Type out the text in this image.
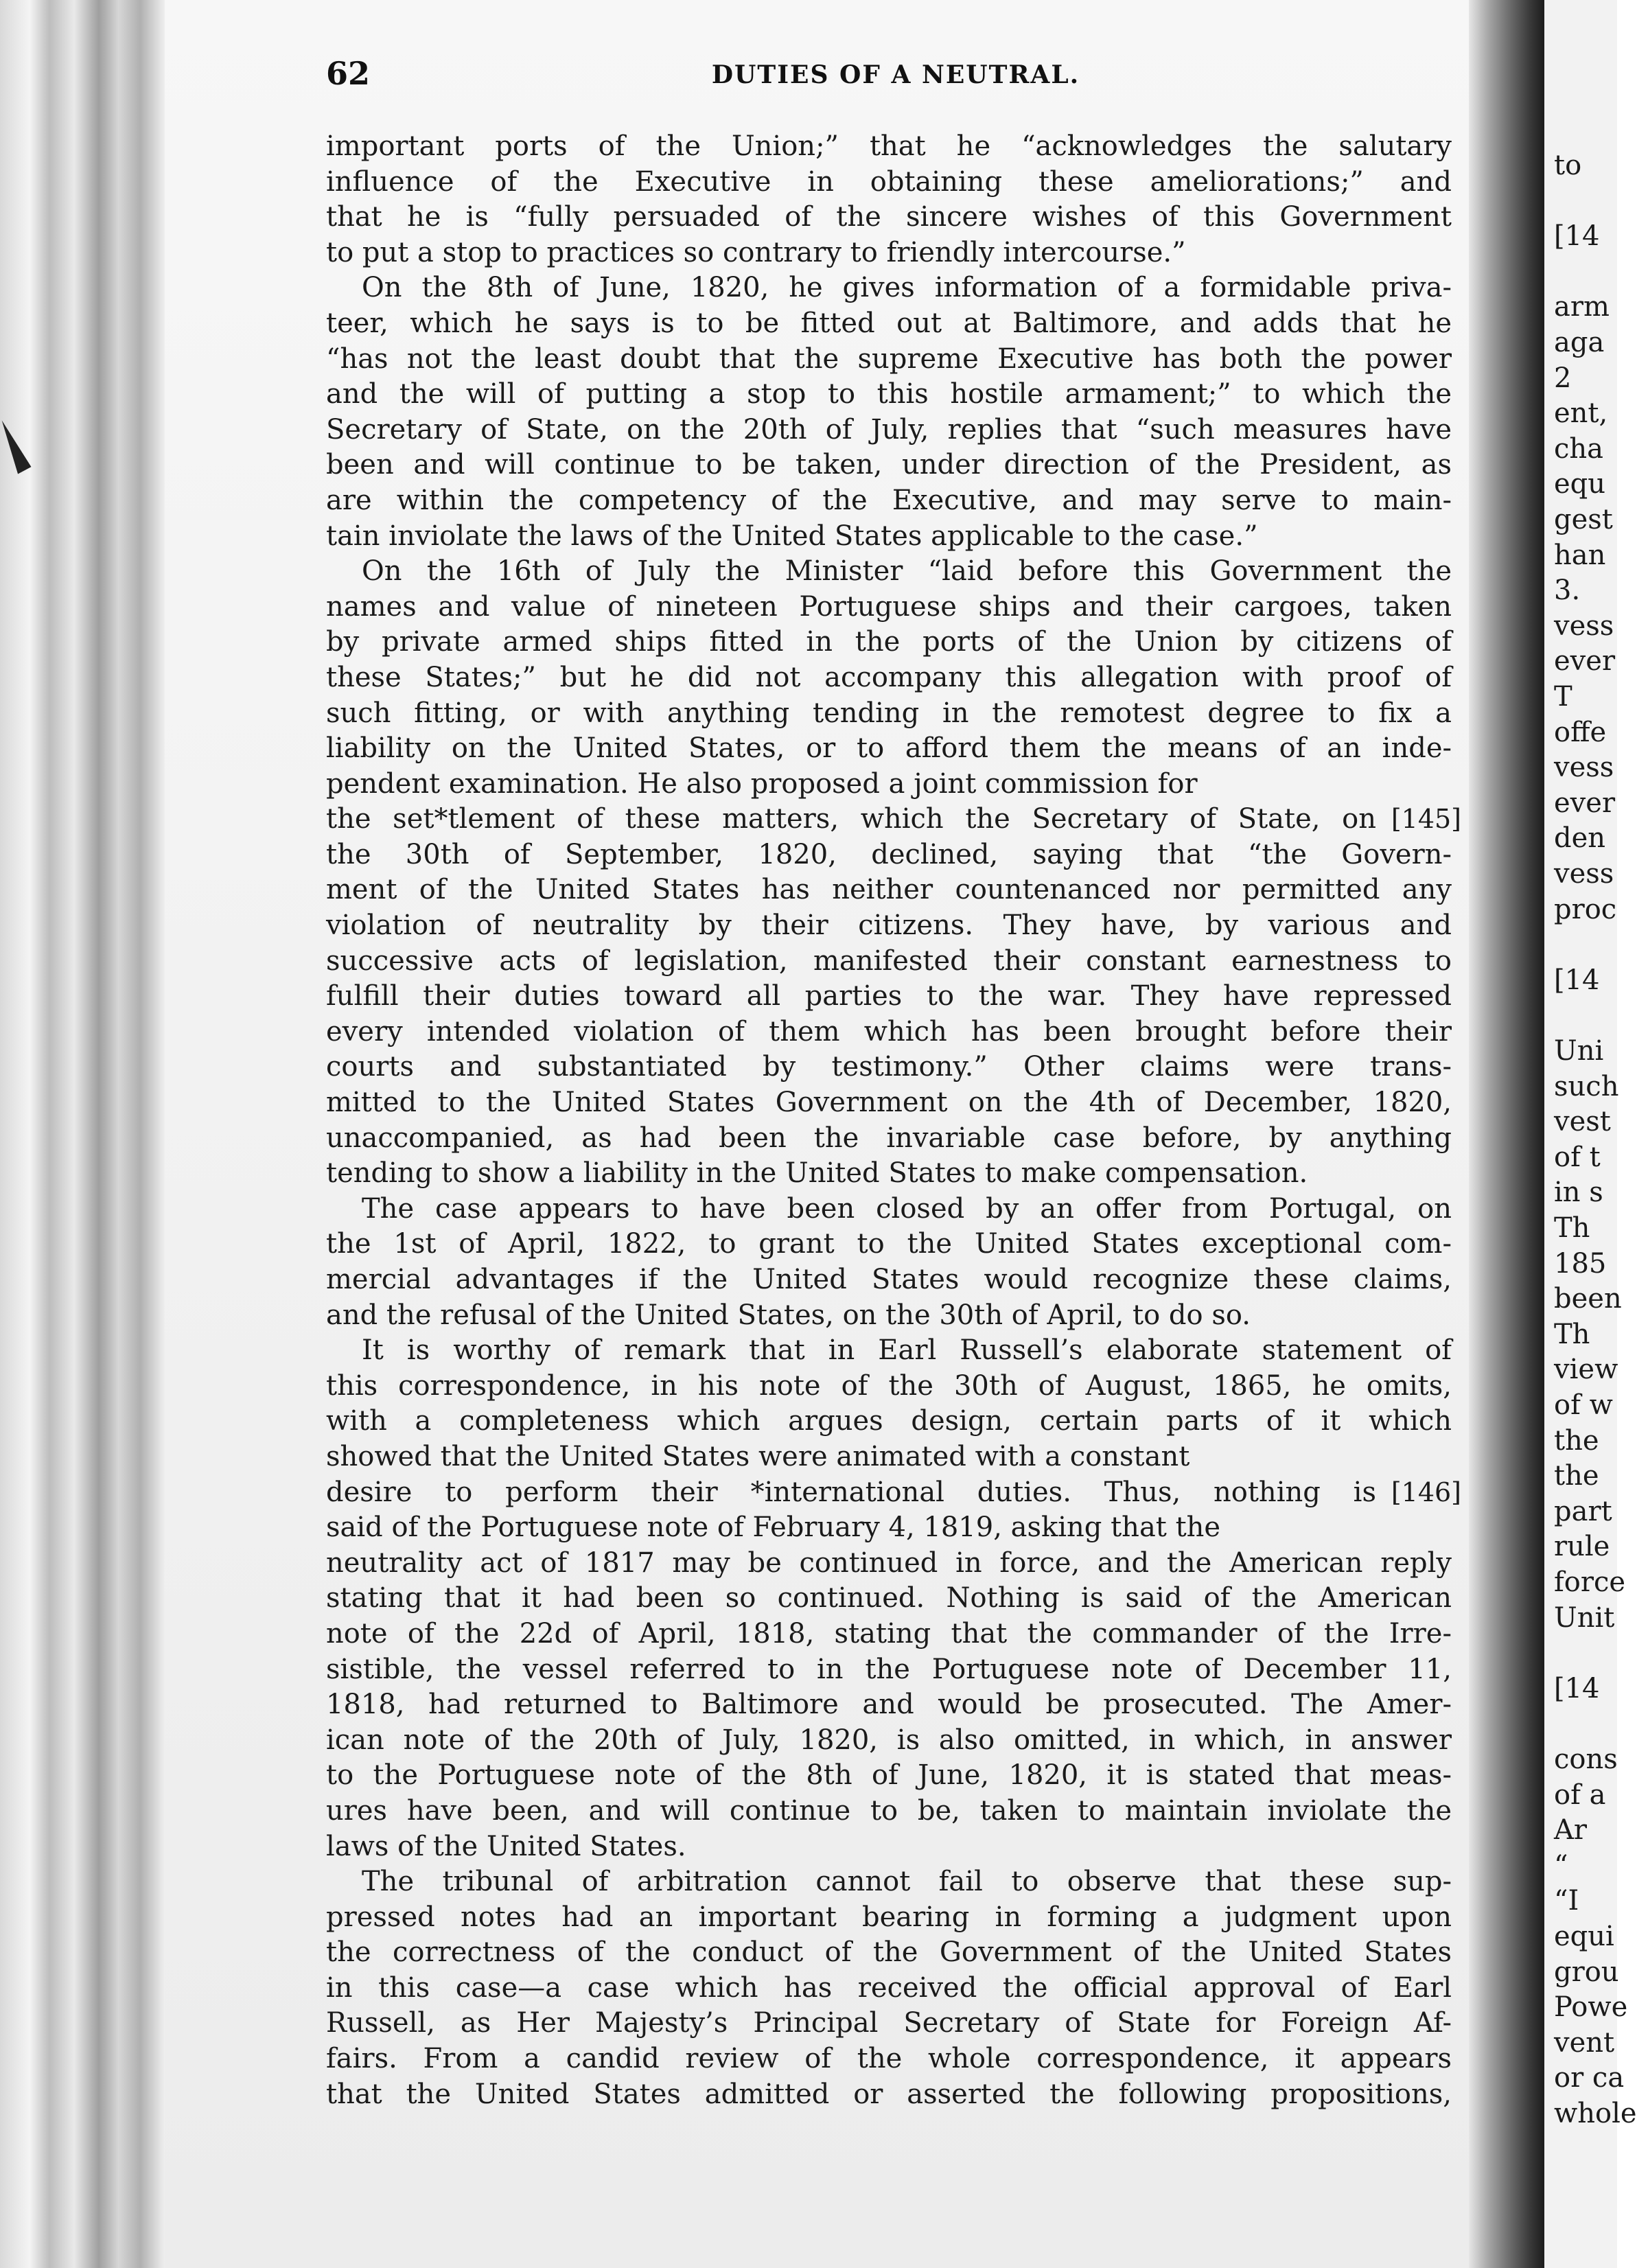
to
[14
arm
aga
2
ent,
cha
equ
gest
han
3.
vess
ever
T
offe
vess
ever
den
vess
proc
[14
Uni
such
vest
of t
in s
Th
185
been
Th
view
of w
the
the
part
rule
force
Unit
[14
cons
of a
Ar
“
“I
equi
grou
Powe
vent
or ca
whole
62	DUTIES OF A NEUTRAL.
important ports of the Union;” that he “acknowledges the salutary
influence of the Executive in obtaining these ameliorations;” and
that he is “fully persuaded of the sincere wishes of this Government
to put a stop to practices so contrary to friendly intercourse.”
On the 8th of June, 1820, he gives information of a formidable priva-
teer, which he says is to be fitted out at Baltimore, and adds that he
“has not the least doubt that the supreme Executive has both the power
and the will of putting a stop to this hostile armament;” to which the
Secretary of State, on the 20th of July, replies that “such measures have
been and will continue to be taken, under direction of the President, as
are within the competency of the Executive, and may serve to main-
tain inviolate the laws of the United States applicable to the case.”
On the 16th of July the Minister “laid before this Government the
names and value of nineteen Portuguese ships and their cargoes, taken
by private armed ships fitted in the ports of the Union by citizens of
these States;” but he did not accompany this allegation with proof of
such fitting, or with anything tending in the remotest degree to fix a
liability on the United States, or to afford them the means of an inde-
pendent examination. He also proposed a joint commission for
the set*tlement of these matters, which the Secretary of State, on [145]
the 30th of September, 1820, declined, saying that “the Govern-
ment of the United States has neither countenanced nor permitted any
violation of neutrality by their citizens. They have, by various and
successive acts of legislation, manifested their constant earnestness to
fulfill their duties toward all parties to the war. They have repressed
every intended violation of them which has been brought before their
courts and substantiated by testimony.” Other claims were trans-
mitted to the United States Government on the 4th of December, 1820,
unaccompanied, as had been the invariable case before, by anything
tending to show a liability in the United States to make compensation.
The case appears to have been closed by an offer from Portugal, on
the 1st of April, 1822, to grant to the United States exceptional com-
mercial advantages if the United States would recognize these claims,
and the refusal of the United States, on the 30th of April, to do so.
It is worthy of remark that in Earl Russell’s elaborate statement of
this correspondence, in his note of the 30th of August, 1865, he omits,
with a completeness which argues design, certain parts of it which
showed that the United States were animated with a constant
desire to perform their *international duties. Thus, nothing is [146]
said of the Portuguese note of February 4, 1819, asking that the
neutrality act of 1817 may be continued in force, and the American reply
stating that it had been so continued. Nothing is said of the American
note of the 22d of April, 1818, stating that the commander of the Irre-
sistible, the vessel referred to in the Portuguese note of December 11,
1818, had returned to Baltimore and would be prosecuted. The Amer-
ican note of the 20th of July, 1820, is also omitted, in which, in answer
to the Portuguese note of the 8th of June, 1820, it is stated that meas-
ures have been, and will continue to be, taken to maintain inviolate the
laws of the United States.
The tribunal of arbitration cannot fail to observe that these sup-
pressed notes had an important bearing in forming a judgment upon
the correctness of the conduct of the Government of the United States
in this case—a case which has received the official approval of Earl
Russell, as Her Majesty’s Principal Secretary of State for Foreign Af-
fairs. From a candid review of the whole correspondence, it appears
that the United States admitted or asserted the following propositions,
